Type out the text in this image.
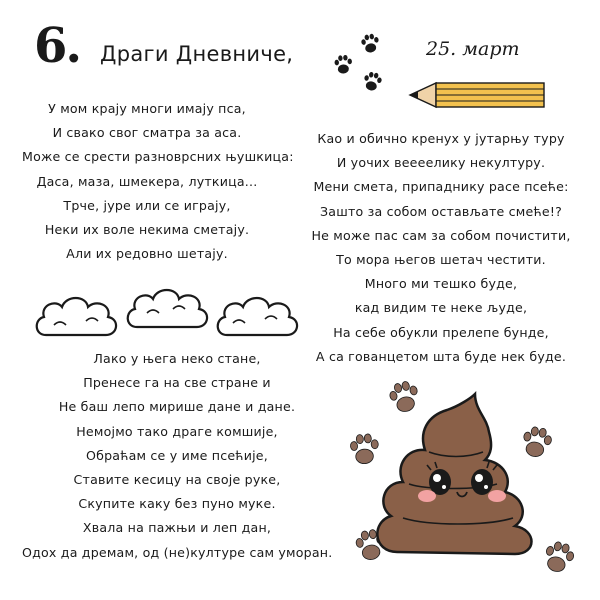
6. Драги Дневниче,	25. март
У мом крају многи имају пса,
И свако свог сматра за аса.
Може се срести разноврсних њушкица:
Даса, маза, шмекера, луткица...
Трче, јуре или се играју,
Неки их воле некима сметају.
Али их редовно шетају.
Лако у њега неко стане,
Пренесе га на све стране и
Не баш лепо мирише дане и дане.
Немојмо тако драге комшије,
Обраћам се у име псећије,
Ставите кесицу на своје руке,
Скупите каку без пуно муке.
Хвала на пажњи и леп дан,
Одох да дремам, од (не)културе сам уморан.
Као и обично кренух у јутарњу туру
И уочих веееелику некултуру.
Мени смета, припаднику расе псеће:
Зашто за собом остављате смеће!?
Не може пас сам за собом почистити,
То мора његов шетач честити.
Много ми тешко буде,
кад видим те неке људе,
На себе обукли прелепе бунде,
А са гованцетом шта буде нек буде.
